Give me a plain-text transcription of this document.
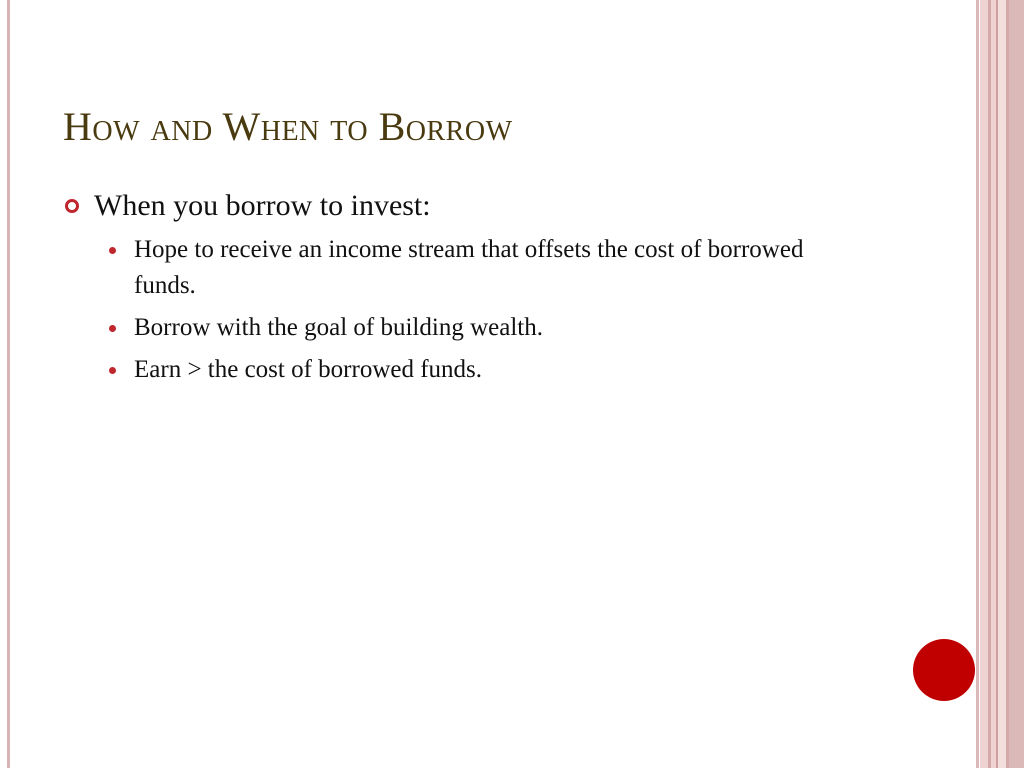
How and When to Borrow
When you borrow to invest:
Hope to receive an income stream that offsets the cost of borrowed funds.
Borrow with the goal of building wealth.
Earn > the cost of borrowed funds.
